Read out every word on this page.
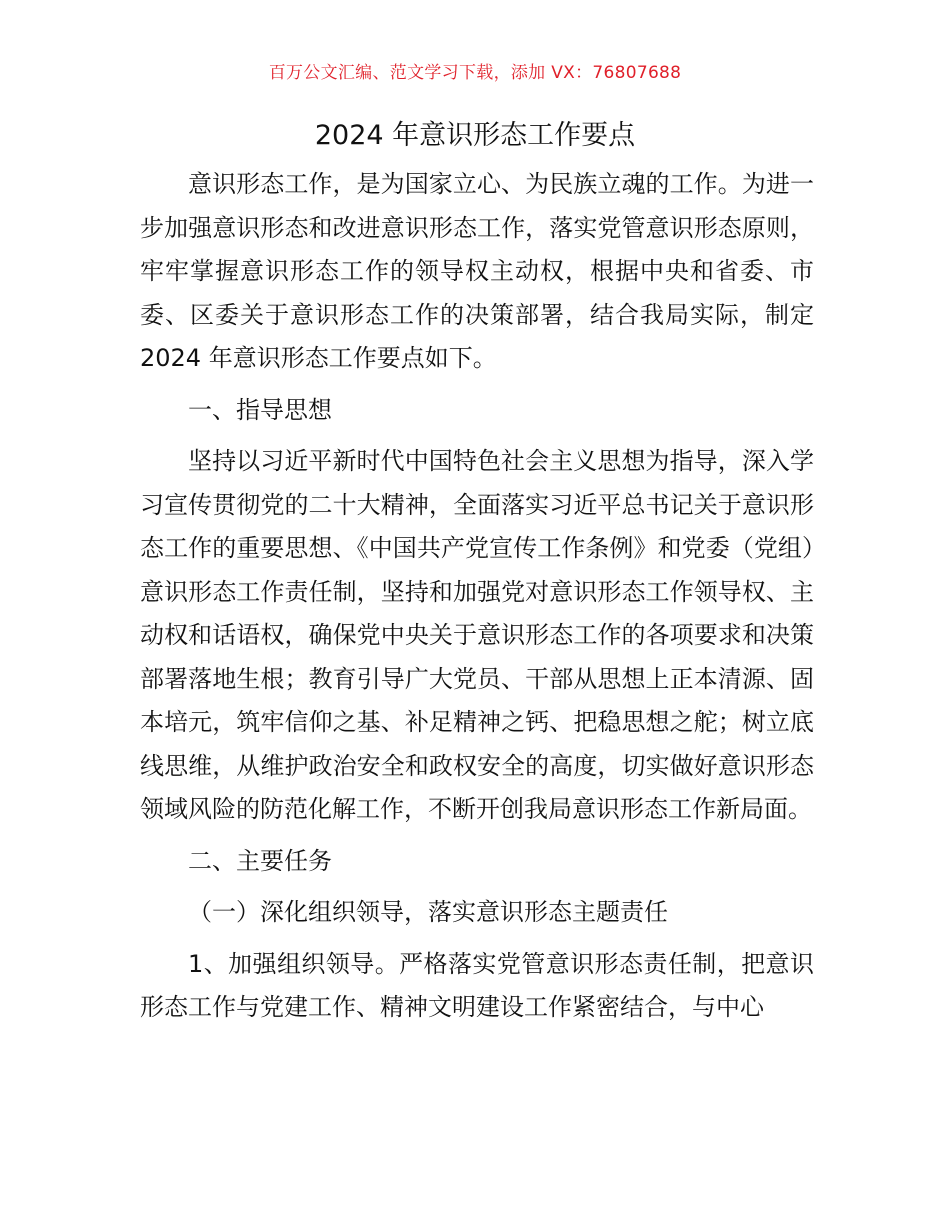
百万公文汇编、范文学习下载，添加 VX：76807688
2024 年意识形态工作要点

意识形态工作，是为国家立心、为民族立魂的工作。为进一步加强意识形态和改进意识形态工作，落实党管意识形态原则，牢牢掌握意识形态工作的领导权主动权，根据中央和省委、市委、区委关于意识形态工作的决策部署，结合我局实际，制定 2024 年意识形态工作要点如下。

一、指导思想

坚持以习近平新时代中国特色社会主义思想为指导，深入学习宣传贯彻党的二十大精神，全面落实习近平总书记关于意识形态工作的重要思想、《中国共产党宣传工作条例》和党委（党组）意识形态工作责任制，坚持和加强党对意识形态工作领导权、主动权和话语权，确保党中央关于意识形态工作的各项要求和决策部署落地生根；教育引导广大党员、干部从思想上正本清源、固本培元，筑牢信仰之基、补足精神之钙、把稳思想之舵；树立底线思维，从维护政治安全和政权安全的高度，切实做好意识形态领域风险的防范化解工作，不断开创我局意识形态工作新局面。

二、主要任务

（一）深化组织领导，落实意识形态主题责任

1、加强组织领导。严格落实党管意识形态责任制，把意识形态工作与党建工作、精神文明建设工作紧密结合，与中心
